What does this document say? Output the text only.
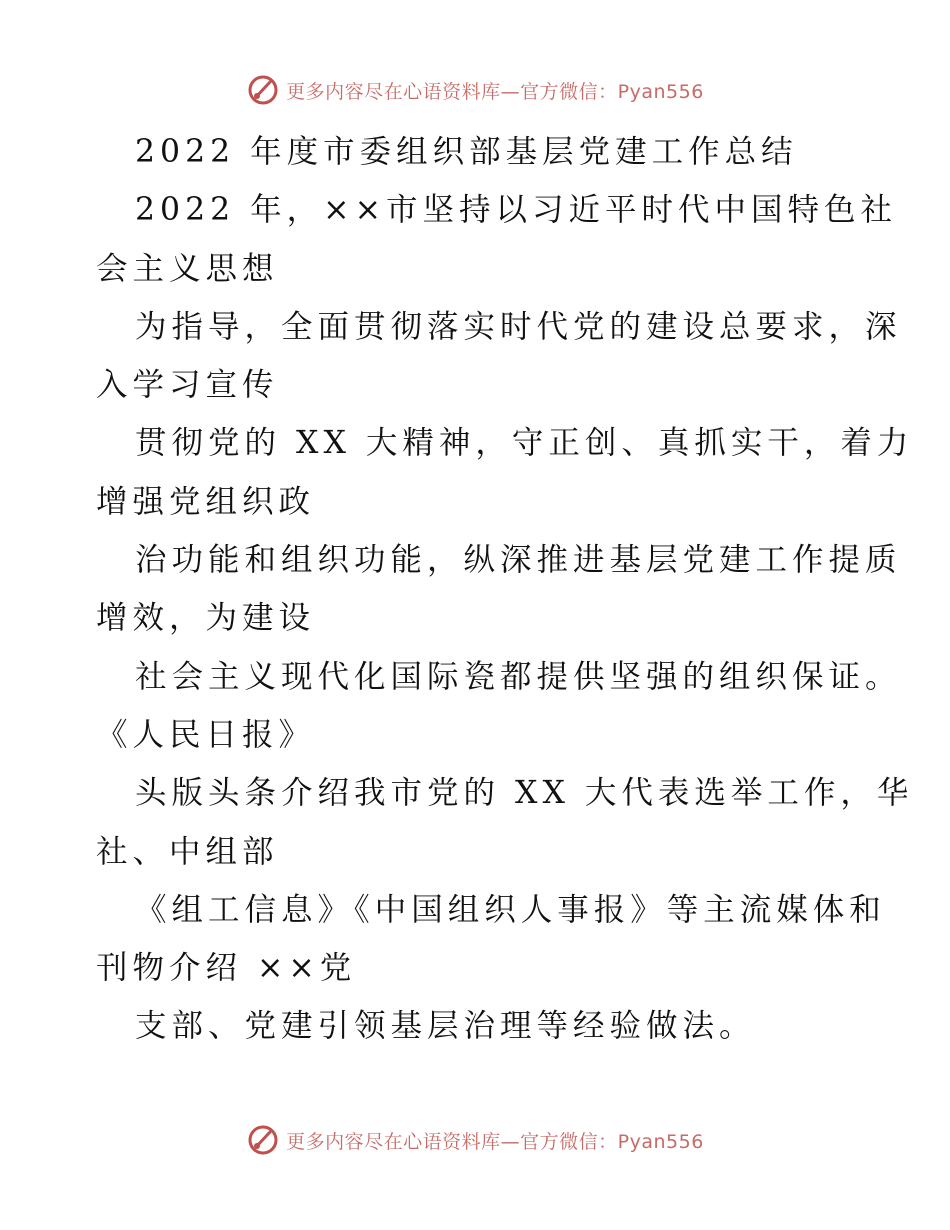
更多内容尽在心语资料库—官方微信：Pyan556
2022 年度市委组织部基层党建工作总结
2022 年，××市坚持以习近平时代中国特色社
会主义思想
为指导，全面贯彻落实时代党的建设总要求，深
入学习宣传
贯彻党的 XX 大精神，守正创、真抓实干，着力
增强党组织政
治功能和组织功能，纵深推进基层党建工作提质
增效，为建设
社会主义现代化国际瓷都提供坚强的组织保证。
《人民日报》
头版头条介绍我市党的 XX 大代表选举工作，华
社、中组部
《组工信息》《中国组织人事报》等主流媒体和
刊物介绍 ××党
支部、党建引领基层治理等经验做法。
更多内容尽在心语资料库—官方微信：Pyan556
